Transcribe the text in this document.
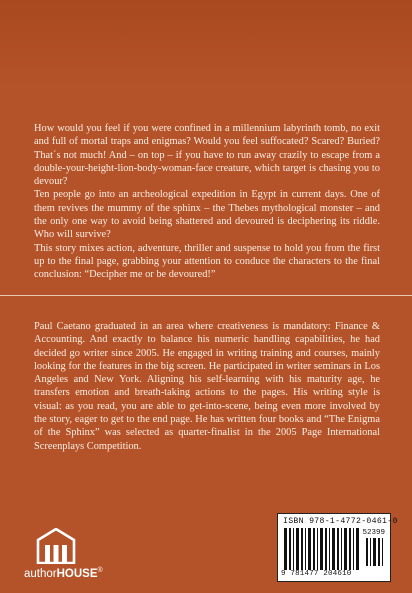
How would you feel if you were confined in a millennium labyrinth tomb, no exit and full of mortal traps and enigmas? Would you feel suffocated? Scared? Buried? That´s not much! And – on top – if you have to run away crazily to escape from a double-your-height-lion-body-woman-face creature, which target is chasing you to devour?

Ten people go into an archeological expedition in Egypt in current days. One of them revives the mummy of the sphinx – the Thebes mythological monster – and the only one way to avoid being shattered and devoured is deciphering its riddle. Who will survive?

This story mixes action, adventure, thriller and suspense to hold you from the first up to the final page, grabbing your attention to conduce the characters to the final conclusion: “Decipher me or be devoured!”

Paul Caetano graduated in an area where creativeness is mandatory: Finance & Accounting. And exactly to balance his numeric handling capabilities, he had decided go writer since 2005. He engaged in writing training and courses, mainly looking for the features in the big screen. He participated in writer seminars in Los Angeles and New York. Aligning his self-learning with his maturity age, he transfers emotion and breath-taking actions to the pages. His writing style is visual: as you read, you are able to get-into-scene, being even more involved by the story, eager to get to the end page. He has written four books and “The Enigma of the Sphinx” was selected as quarter-finalist in the 2005 Page International Screenplays Competition.
authorHOUSE®
ISBN 978-1-4772-0461-0
52399
9 781477 204610
